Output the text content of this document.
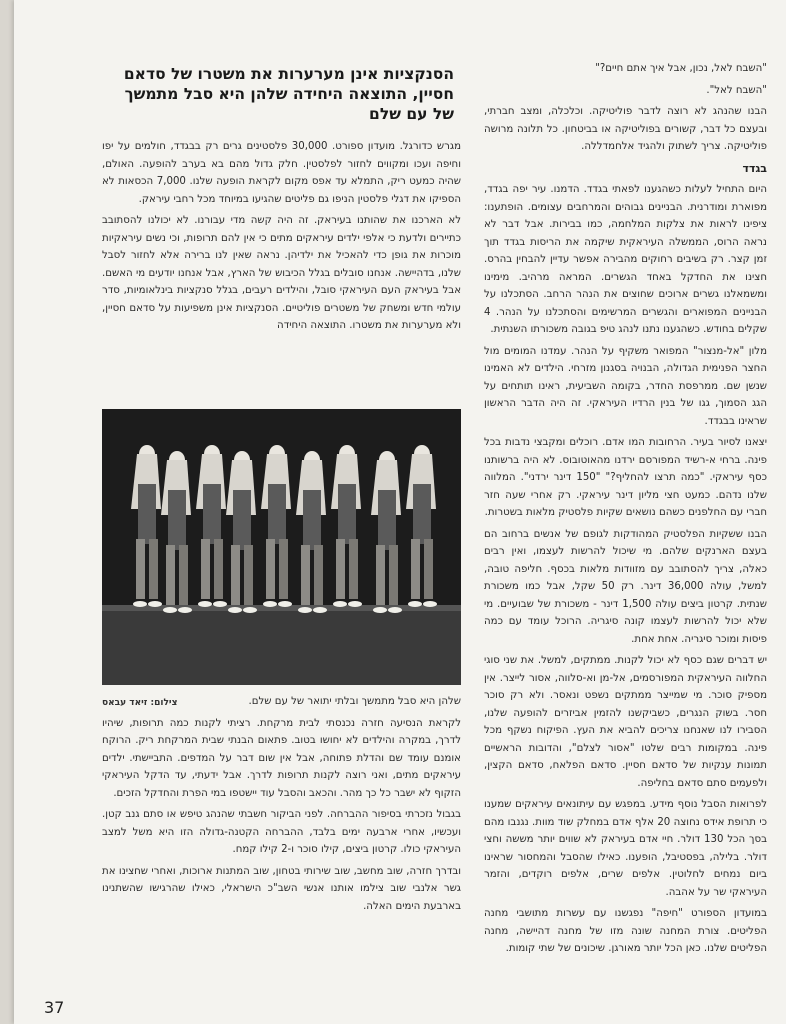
"השבח לאל, נכון, אבל איך אתם חיים?"

"השבח לאל".

הבנו שהנהג לא רוצה לדבר פוליטיקה. וכלכלה, ומצב חברתי, ובעצם כל דבר, קשורים בפוליטיקה או בביטחון. כל תלונה מרושה פוליטיקה. צריך לשתוק ולהגיד אלחמדללה.

בגדד

היום התחיל לעלות כשהגענו לפאתי בגדד. הדמנו. עיר יפה בגדד, מפוארת ומודרנית. הבניינים גבוהים והמרחבים עצומים. הופתענו: ציפינו לראות את צלקות המלחמה, כמו בבירות. אבל דבר לא נראה הרוס, הממשלה העיראקית שיקמה את הריסות בגדד תוך זמן קצר. רק בשיבים רחוקים מהבירה אפשר עדיין להבחין בהרס. חצינו את החדקל באחד הגשרים. המראה מרהיב. מימינו ומשמאלנו גשרים ארוכים שחוצים את הנהר הרחב. הסתכלנו על הבניינים המפוארים והגשרים המרשימים והסתכלנו על הנהר. 4 שקלים בחודש. כשהגענו נתנו לנהג טיפ בגובה משכורתו השנתית.

מלון "אל-מנצור" המפואר משקיף על הנהר. עמדנו המומים מול החצר הפנימית הגדולה, הבנויה בסגנון מזרחי. הילדים לא האמינו שנשן שם. ממרפסת החדר, בקומה השביעית, ראינו תותחים על הגג הסמוך, גגו של בנין הרדיו העיראקי. זה היה הדבר הראשון שראינו בבגדד.

יצאנו לסיור בעיר. הרחובות המו אדם. רוכלים ומקבצי נדבות בכל פינה. ברחי א-רשיד המפורסם ירדנו מהאוטובוס. לא היה ברשותנו כסף עיראקי. "כמה תרצו להחליף?" "150 דינר ירדני". המלווה שלנו נדהם. כמעט חצי מליון דינר עיראקי. רק אחרי שעה חזר חברי עם החלפנים כשהם נושאים שקיות פלסטיק מלאות בשטרות.

הבנו ששקיות הפלסטיק המהודקות לגופם של אנשים ברחוב הם בעצם הארנקים שלהם. מי שיכול להרשות לעצמו, ואין רבים כאלה, צריך להסתובב עם מזוודות מלאות בכסף. חליפה טובה, למשל, עולה 36,000 דינר. רק 50 שקל, אבל כמו משכורת שנתית. קרטון ביצים עולה 1,500 דינר - משכורת של שבועיים. מי שלא יכול להרשות לעצמו קונה סיגריה. הרוכל עומד עם כמה פיסות ומוכר סיגריה. אחת אחת.

יש דברים שגם כסף לא יכול לקנות. ממתקים, למשל. את שני סוגי החלווה העיראקית המפורסמים, אל-מן וא-סלווה, אסור לייצר. אין מספיק סוכר. מי שמייצר ממתקים נשפט ונאסר. ולא רק סוכר חסר. בשוק הנגרים, כשביקשנו להזמין אביזרים להופעה שלנו, הסבירו לנו שאנחנו צריכים להביא את העץ. הפיקוח נשקף מכל פינה. במקומות רבים שלטו "אסור לצלם", והדובות הראשיים תמונות ענקיות של סדאם חסיין. סדאם הפלאח, סדאם הקצין, ולפעמים סתם סדאם בחליפה.

לפרואות הסבל נוסף מידע. במפגש עם עיתונאים עיראקים שמענו כי תרופת אידס נחוצה 20 אלף אדם במחלק שוד מוות. נגנבו מהם בסך הכל 130 דולר. חיי אדם בעיראק לא שווים יותר מששה וחצי דולר. בלילה, בפסטיבל, הופענו. כאילו שהסבל והמחסור שראינו ביום נמחים לחלוטין. אלפים שרים, אלפים רוקדים, והזמר העיראקי שר על אהבה.

במועדון הספורט "חיפה" נפגשנו עם עשרות מתושבי מחנה הפליטים. צורת המחנה שונה מזו של מחנה דהיישה, מחנה הפליטים שלנו. כאן הכל יותר מאורגן. שיכונים של שתי קומות.

הסנקציות אינן מערערות את משטרו של סדאם חסיין, התוצאה היחידה שלהן היא סבל מתמשך של עם שלם

מגרש כדורגל. מועדון ספורט. 30,000 פלסטינים גרים רק בבגדד, חולמים על יפו וחיפה ועכו ומקווים לחזור לפלסטין. חלק גדול מהם בא בערב להופעה. האולם, שהיה כמעט ריק, התמלא עד אפס מקום לקראת הופעה שלנו. 7,000 הכסאות לא הספיקו את דגלי פלסטין הניפו גם פליטים שהגיעו במיוחד מכל רחבי עיראק.

לא הארכנו את שהותנו בעיראק. זה היה קשה מדי עבורנו. לא יכולנו להסתובב כתיירים ולדעת כי אלפי ילדים עיראקים מתים כי אין להם תרופות, וכי נשים עיראקיות מוכרות את גופן כדי להאכיל את ילדיהן. נראה שאין לנו ברירה אלא לחזור לסבל שלנו, בדהיישה. אנחנו סובלים בגלל הכיבוש של הארץ, אבל אנחנו יודעים מי האשם. אבל בעיראק העם העיראקי סובל, והילדים רעבים, בגלל סנקציות בינלאומיות, סדר עולמי חדש ומשחק של משטרים פוליטיים. הסנקציות אינן משפיעות על סדאם חסיין, ולא מערערות את משטרו. התוצאה היחידה

צילום: זיאד עבאס	שלהן היא סבל מתמשך ובלתי יתואר של עם שלם.

לקראת הנסיעה חזרה נכנסתי לבית מרקחת. רציתי לקנות כמה תרופות, שיהיו לדרך, במקרה והילדים לא יחושו בטוב. פתאום הבנתי שבית המרקחת ריק. הרוקח אומנם עומד שם והדלת פתוחה, אבל אין שום דבר על המדפים. התביישתי. ילדים עיראקים מתים, ואני רוצה לקנות תרופות לדרך. אבל ידעתי, עד הדקל העיראקי הזקוף לא ישבר כל כך מהר. והכאב והסבל עוד יישטפו במי הפרת והחדקל הזכים.

בגבול נזכרתי בסיפור ההברחה. לפני הביקור חשבתי שהנהג טיפש או סתם גנב קטן. ועכשיו, אחרי ארבעה ימים בלבד, ההברחה הקטנה-גדולה הזו היא משל למצב העיראקי כולו. קרטון ביצים, קילו סוכר ו-2 קילו קמח.

ובדרך חזרה, שוב מחשב, שוב שירותי בטחון, שוב המתנות ארוכות, ואחרי שחצינו את גשר אלנבי שוב צילמו אותנו אנשי השב"כ הישראלי, כאילו שהרגישו שהשתנינו בארבעת הימים האלה.

37
